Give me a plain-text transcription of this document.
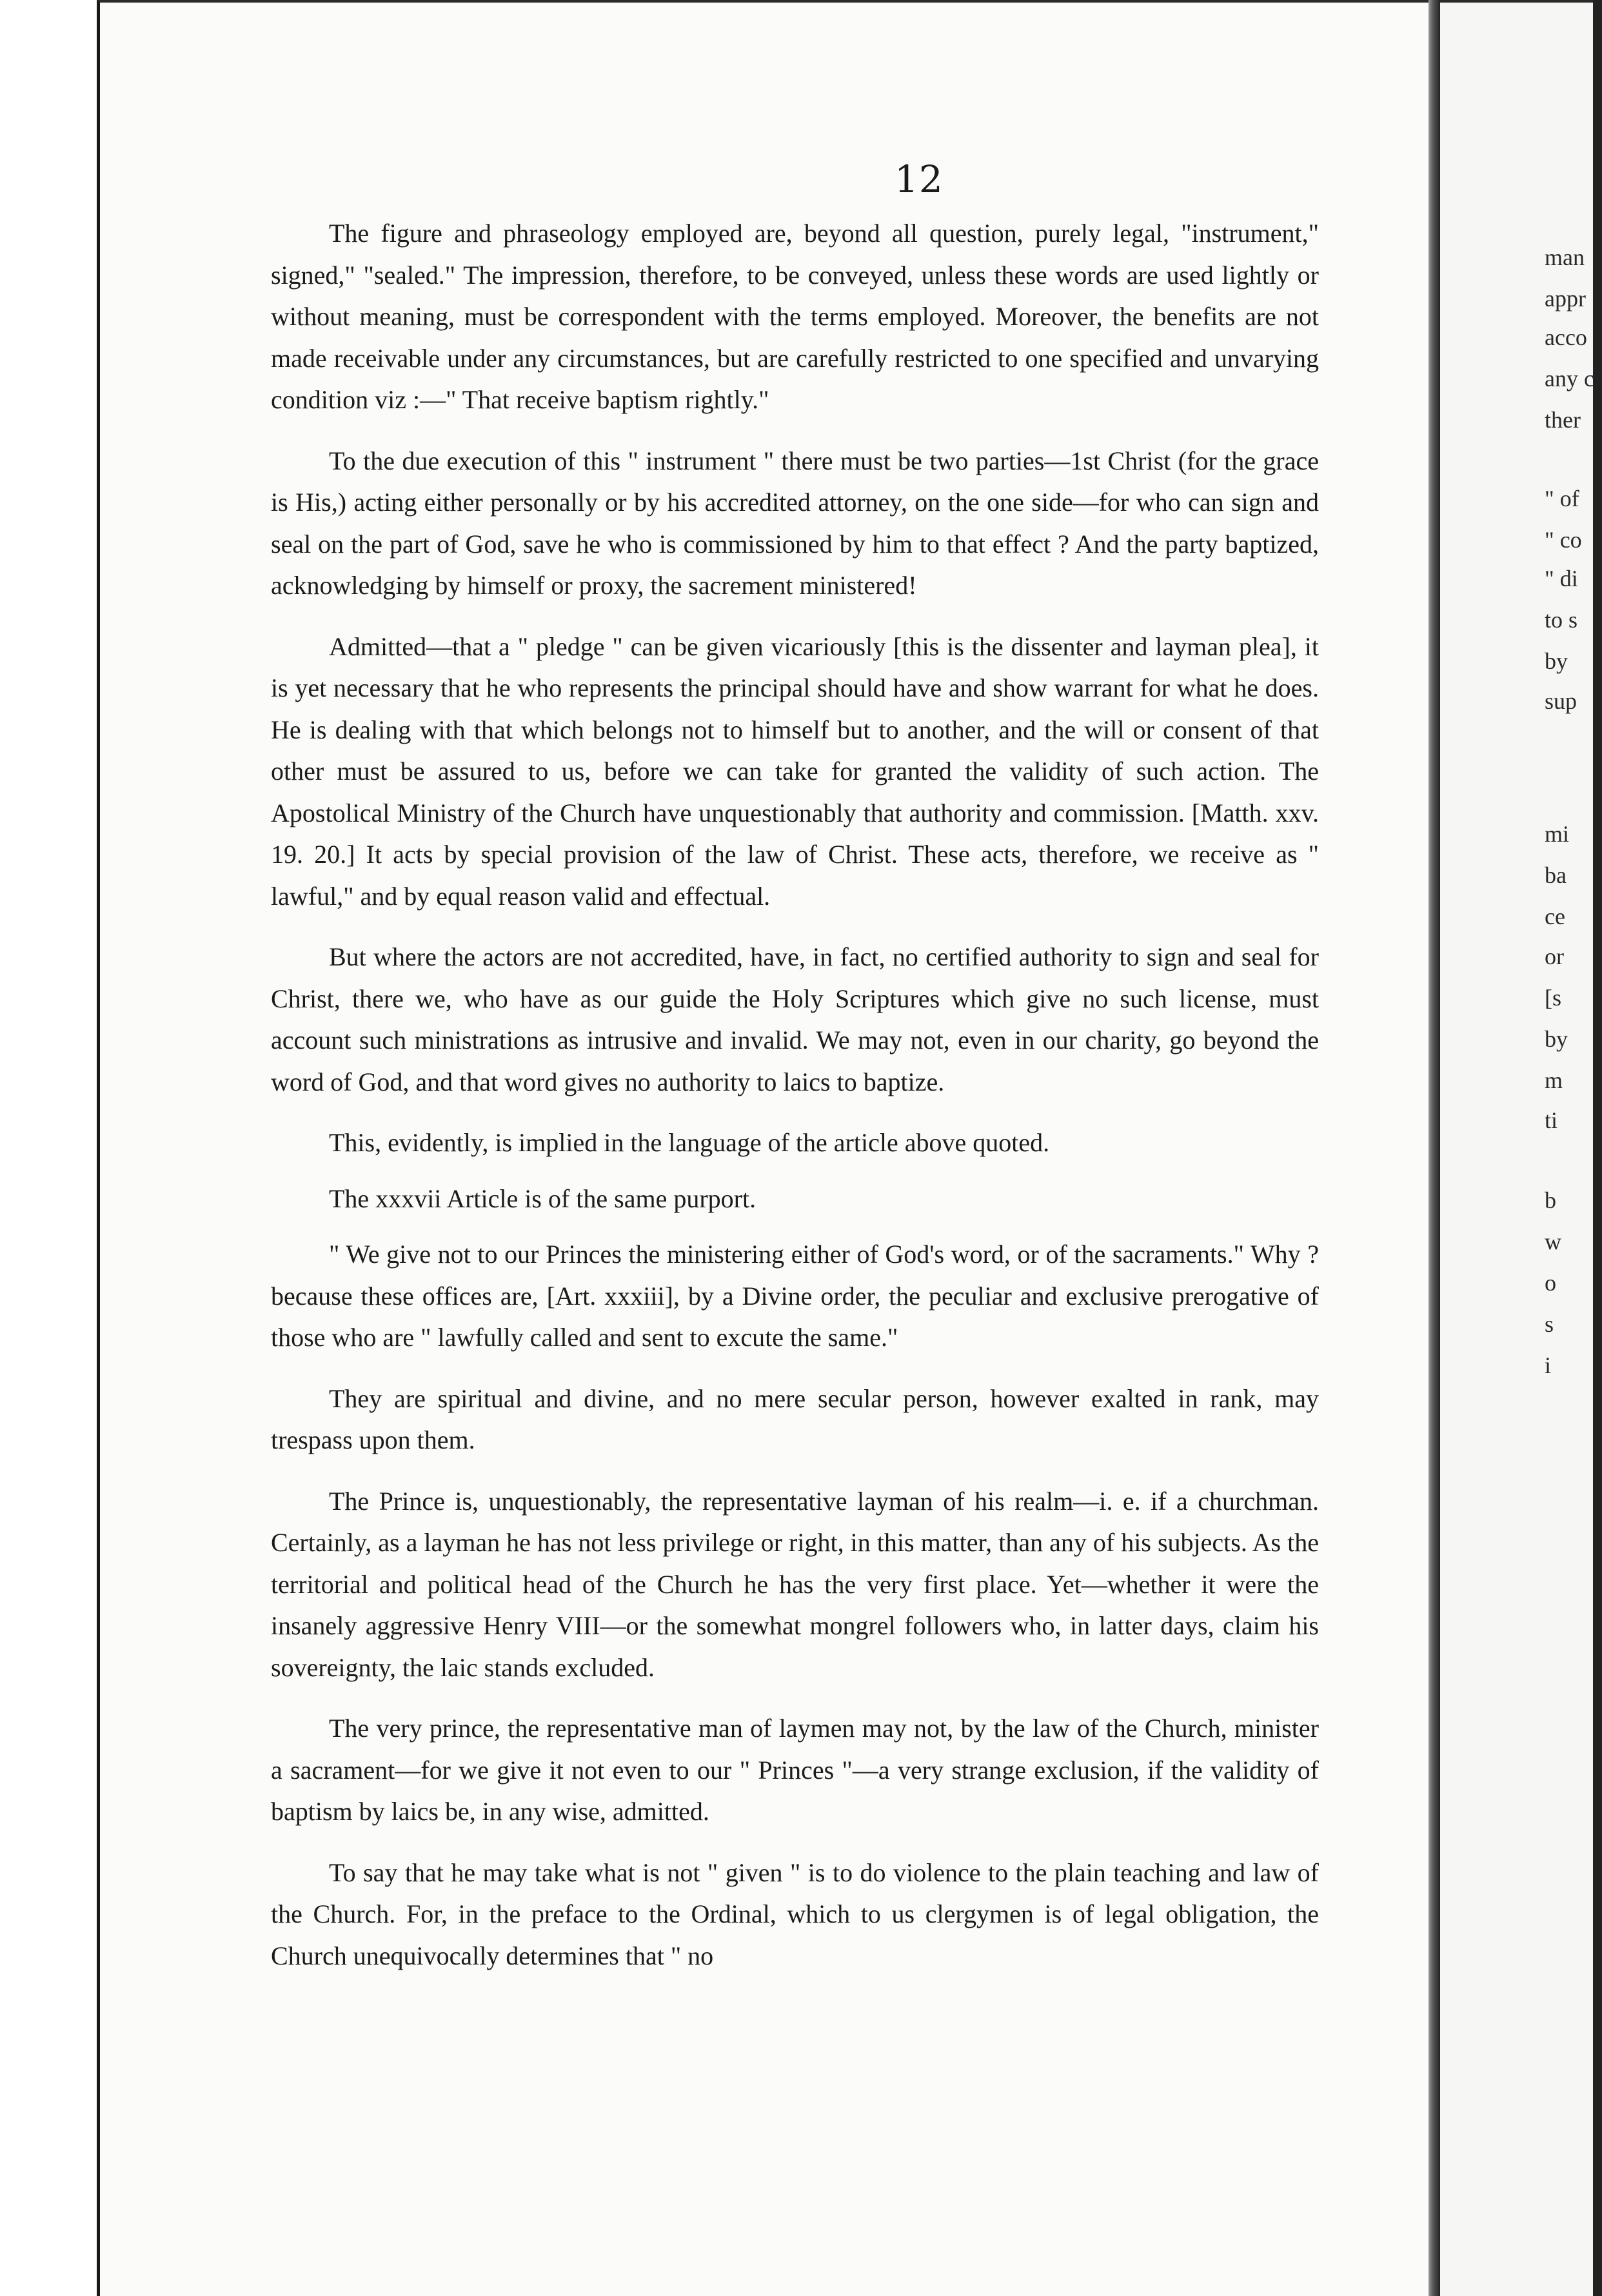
12

The figure and phraseology employed are, beyond all question, purely legal, "instrument," signed," "sealed." The impression, therefore, to be conveyed, unless these words are used lightly or without meaning, must be correspondent with the terms employed. Moreover, the benefits are not made receivable under any circumstances, but are carefully restricted to one specified and unvarying condition viz :—" That receive baptism rightly."

To the due execution of this " instrument " there must be two parties—1st Christ (for the grace is His,) acting either personally or by his accredited attorney, on the one side—for who can sign and seal on the part of God, save he who is commissioned by him to that effect ? And the party baptized, acknowledging by himself or proxy, the sacrement ministered!

Admitted—that a " pledge " can be given vicariously [this is the dissenter and layman plea], it is yet necessary that he who represents the principal should have and show warrant for what he does. He is dealing with that which belongs not to himself but to another, and the will or consent of that other must be assured to us, before we can take for granted the validity of such action. The Apostolical Ministry of the Church have unquestionably that authority and commission. [Matth. xxv. 19. 20.] It acts by special provision of the law of Christ. These acts, therefore, we receive as " lawful," and by equal reason valid and effectual.

But where the actors are not accredited, have, in fact, no certified authority to sign and seal for Christ, there we, who have as our guide the Holy Scriptures which give no such license, must account such ministrations as intrusive and invalid. We may not, even in our charity, go beyond the word of God, and that word gives no authority to laics to baptize.

This, evidently, is implied in the language of the article above quoted.

The xxxvii Article is of the same purport.

" We give not to our Princes the ministering either of God's word, or of the sacraments." Why ? because these offices are, [Art. xxxiii], by a Divine order, the peculiar and exclusive prerogative of those who are " lawfully called and sent to excute the same."

They are spiritual and divine, and no mere secular person, however exalted in rank, may trespass upon them.

The Prince is, unquestionably, the representative layman of his realm—i. e. if a churchman. Certainly, as a layman he has not less privilege or right, in this matter, than any of his subjects. As the territorial and political head of the Church he has the very first place. Yet—whether it were the insanely aggressive Henry VIII—or the somewhat mongrel followers who, in latter days, claim his sovereignty, the laic stands excluded.

The very prince, the representative man of laymen may not, by the law of the Church, minister a sacrament—for we give it not even to our " Princes "—a very strange exclusion, if the validity of baptism by laics be, in any wise, admitted.

To say that he may take what is not " given " is to do violence to the plain teaching and law of the Church. For, in the preface to the Ordinal, which to us clergymen is of legal obligation, the Church unequivocally determines that " no

man
appr
acco
any c
ther
" of
" co
" di
to s
by
sup
mi
ba
ce
or
[s
by
m
ti
b
w
o
s
i
